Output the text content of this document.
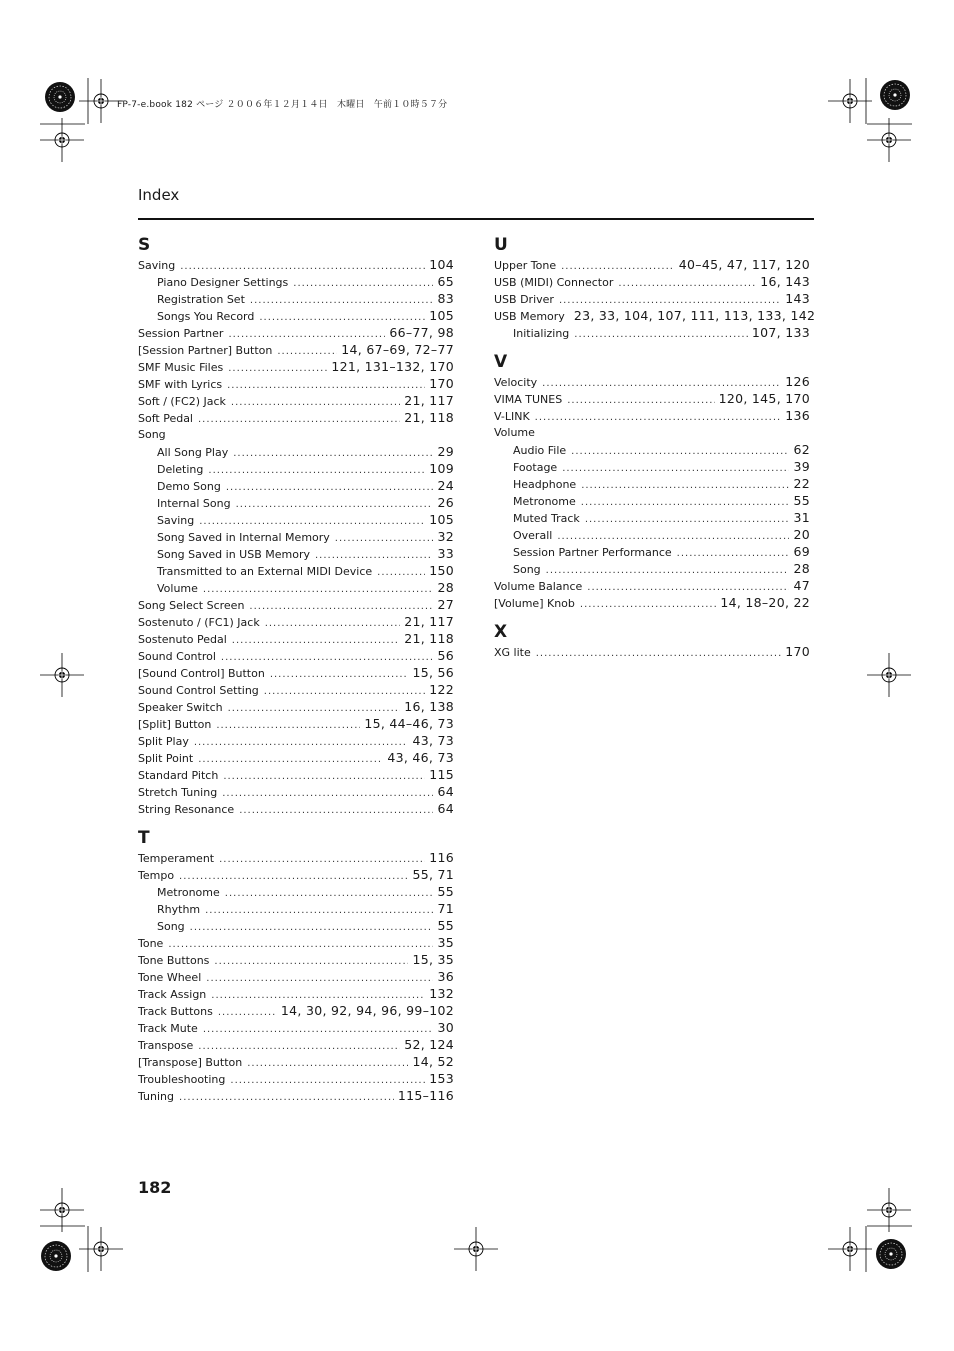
FP-7-e.book 182 ページ ２００６年１２月１４日　木曜日　午前１０時５７分
Index
S
Saving .....	104
Piano Designer Settings .....	65
Registration Set .....	83
Songs You Record .....	105
Session Partner .....	66–77, 98
[Session Partner] Button .....	14, 67–69, 72–77
SMF Music Files .....	121, 131–132, 170
SMF with Lyrics .....	170
Soft / (FC2) Jack .....	21, 117
Soft Pedal .....	21, 118
Song
All Song Play .....	29
Deleting .....	109
Demo Song .....	24
Internal Song .....	26
Saving .....	105
Song Saved in Internal Memory .....	32
Song Saved in USB Memory .....	33
Transmitted to an External MIDI Device .....	150
Volume .....	28
Song Select Screen .....	27
Sostenuto / (FC1) Jack .....	21, 117
Sostenuto Pedal .....	21, 118
Sound Control .....	56
[Sound Control] Button .....	15, 56
Sound Control Setting .....	122
Speaker Switch .....	16, 138
[Split] Button .....	15, 44–46, 73
Split Play .....	43, 73
Split Point .....	43, 46, 73
Standard Pitch .....	115
Stretch Tuning .....	64
String Resonance .....	64
T
Temperament .....	116
Tempo .....	55, 71
Metronome .....	55
Rhythm .....	71
Song .....	55
Tone .....	35
Tone Buttons .....	15, 35
Tone Wheel .....	36
Track Assign .....	132
Track Buttons .....	14, 30, 92, 94, 96, 99–102
Track Mute .....	30
Transpose .....	52, 124
[Transpose] Button .....	14, 52
Troubleshooting .....	153
Tuning .....	115–116
U
Upper Tone .....	40–45, 47, 117, 120
USB (MIDI) Connector .....	16, 143
USB Driver .....	143
USB Memory 23, 33, 104, 107, 111, 113, 133, 142
Initializing .....	107, 133
V
Velocity .....	126
VIMA TUNES .....	120, 145, 170
V-LINK .....	136
Volume
Audio File .....	62
Footage .....	39
Headphone .....	22
Metronome .....	55
Muted Track .....	31
Overall .....	20
Session Partner Performance .....	69
Song .....	28
Volume Balance .....	47
[Volume] Knob .....	14, 18–20, 22
X
XG lite .....	170
182
